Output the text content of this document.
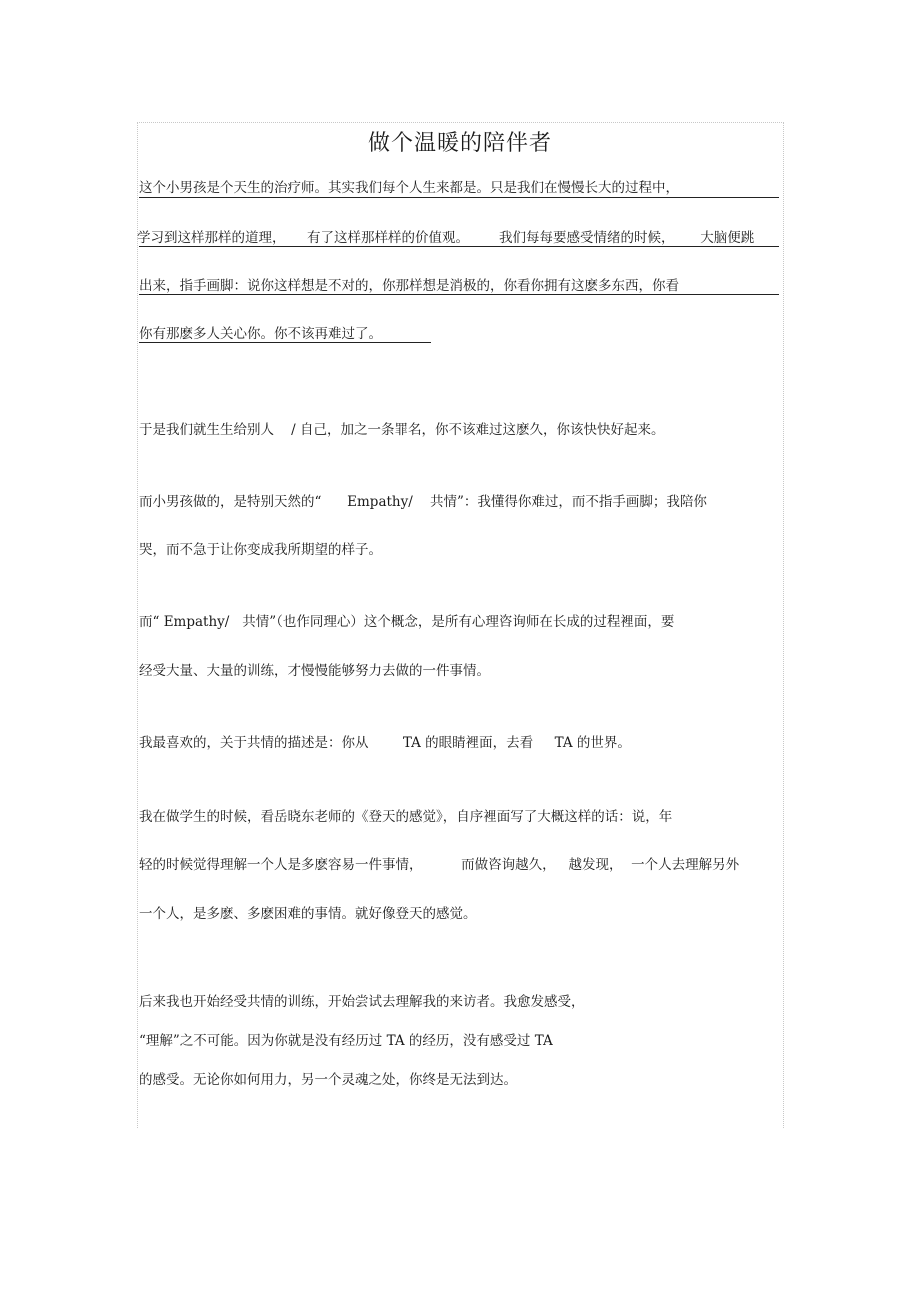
做个温暖的陪伴者

这个小男孩是个天生的治疗师。其实我们每个人生来都是。只是我们在慢慢长大的过程中，

学习到这样那样的道理，     有了这样那样样的价值观。       我们每每要感受情绪的时候，      大脑便跳

出来，指手画脚：说你这样想是不对的，你那样想是消极的，你看你拥有这麽多东西，你看

你有那麽多人关心你。你不该再难过了。

于是我们就生生给别人    / 自己，加之一条罪名，你不该难过这麽久，你该快快好起来。

而小男孩做的，是特别天然的“      Empathy/    共情”：我懂得你难过，而不指手画脚；我陪你

哭，而不急于让你变成我所期望的样子。

而“ Empathy/   共情”（也作同理心）这个概念，是所有心理咨询师在长成的过程裡面，要

经受大量、大量的训练，才慢慢能够努力去做的一件事情。

我最喜欢的，关于共情的描述是：你从        TA 的眼睛裡面，去看     TA 的世界。

我在做学生的时候，看岳晓东老师的《登天的感觉》，自序裡面写了大概这样的话：说，年

轻的时候觉得理解一个人是多麽容易一件事情，         而做咨询越久，   越发现，  一个人去理解另外

一个人，是多麽、多麽困难的事情。就好像登天的感觉。

后来我也开始经受共情的训练，开始尝试去理解我的来访者。我愈发感受，

“理解”之不可能。因为你就是没有经历过 TA 的经历，没有感受过 TA

的感受。无论你如何用力，另一个灵魂之处，你终是无法到达。
